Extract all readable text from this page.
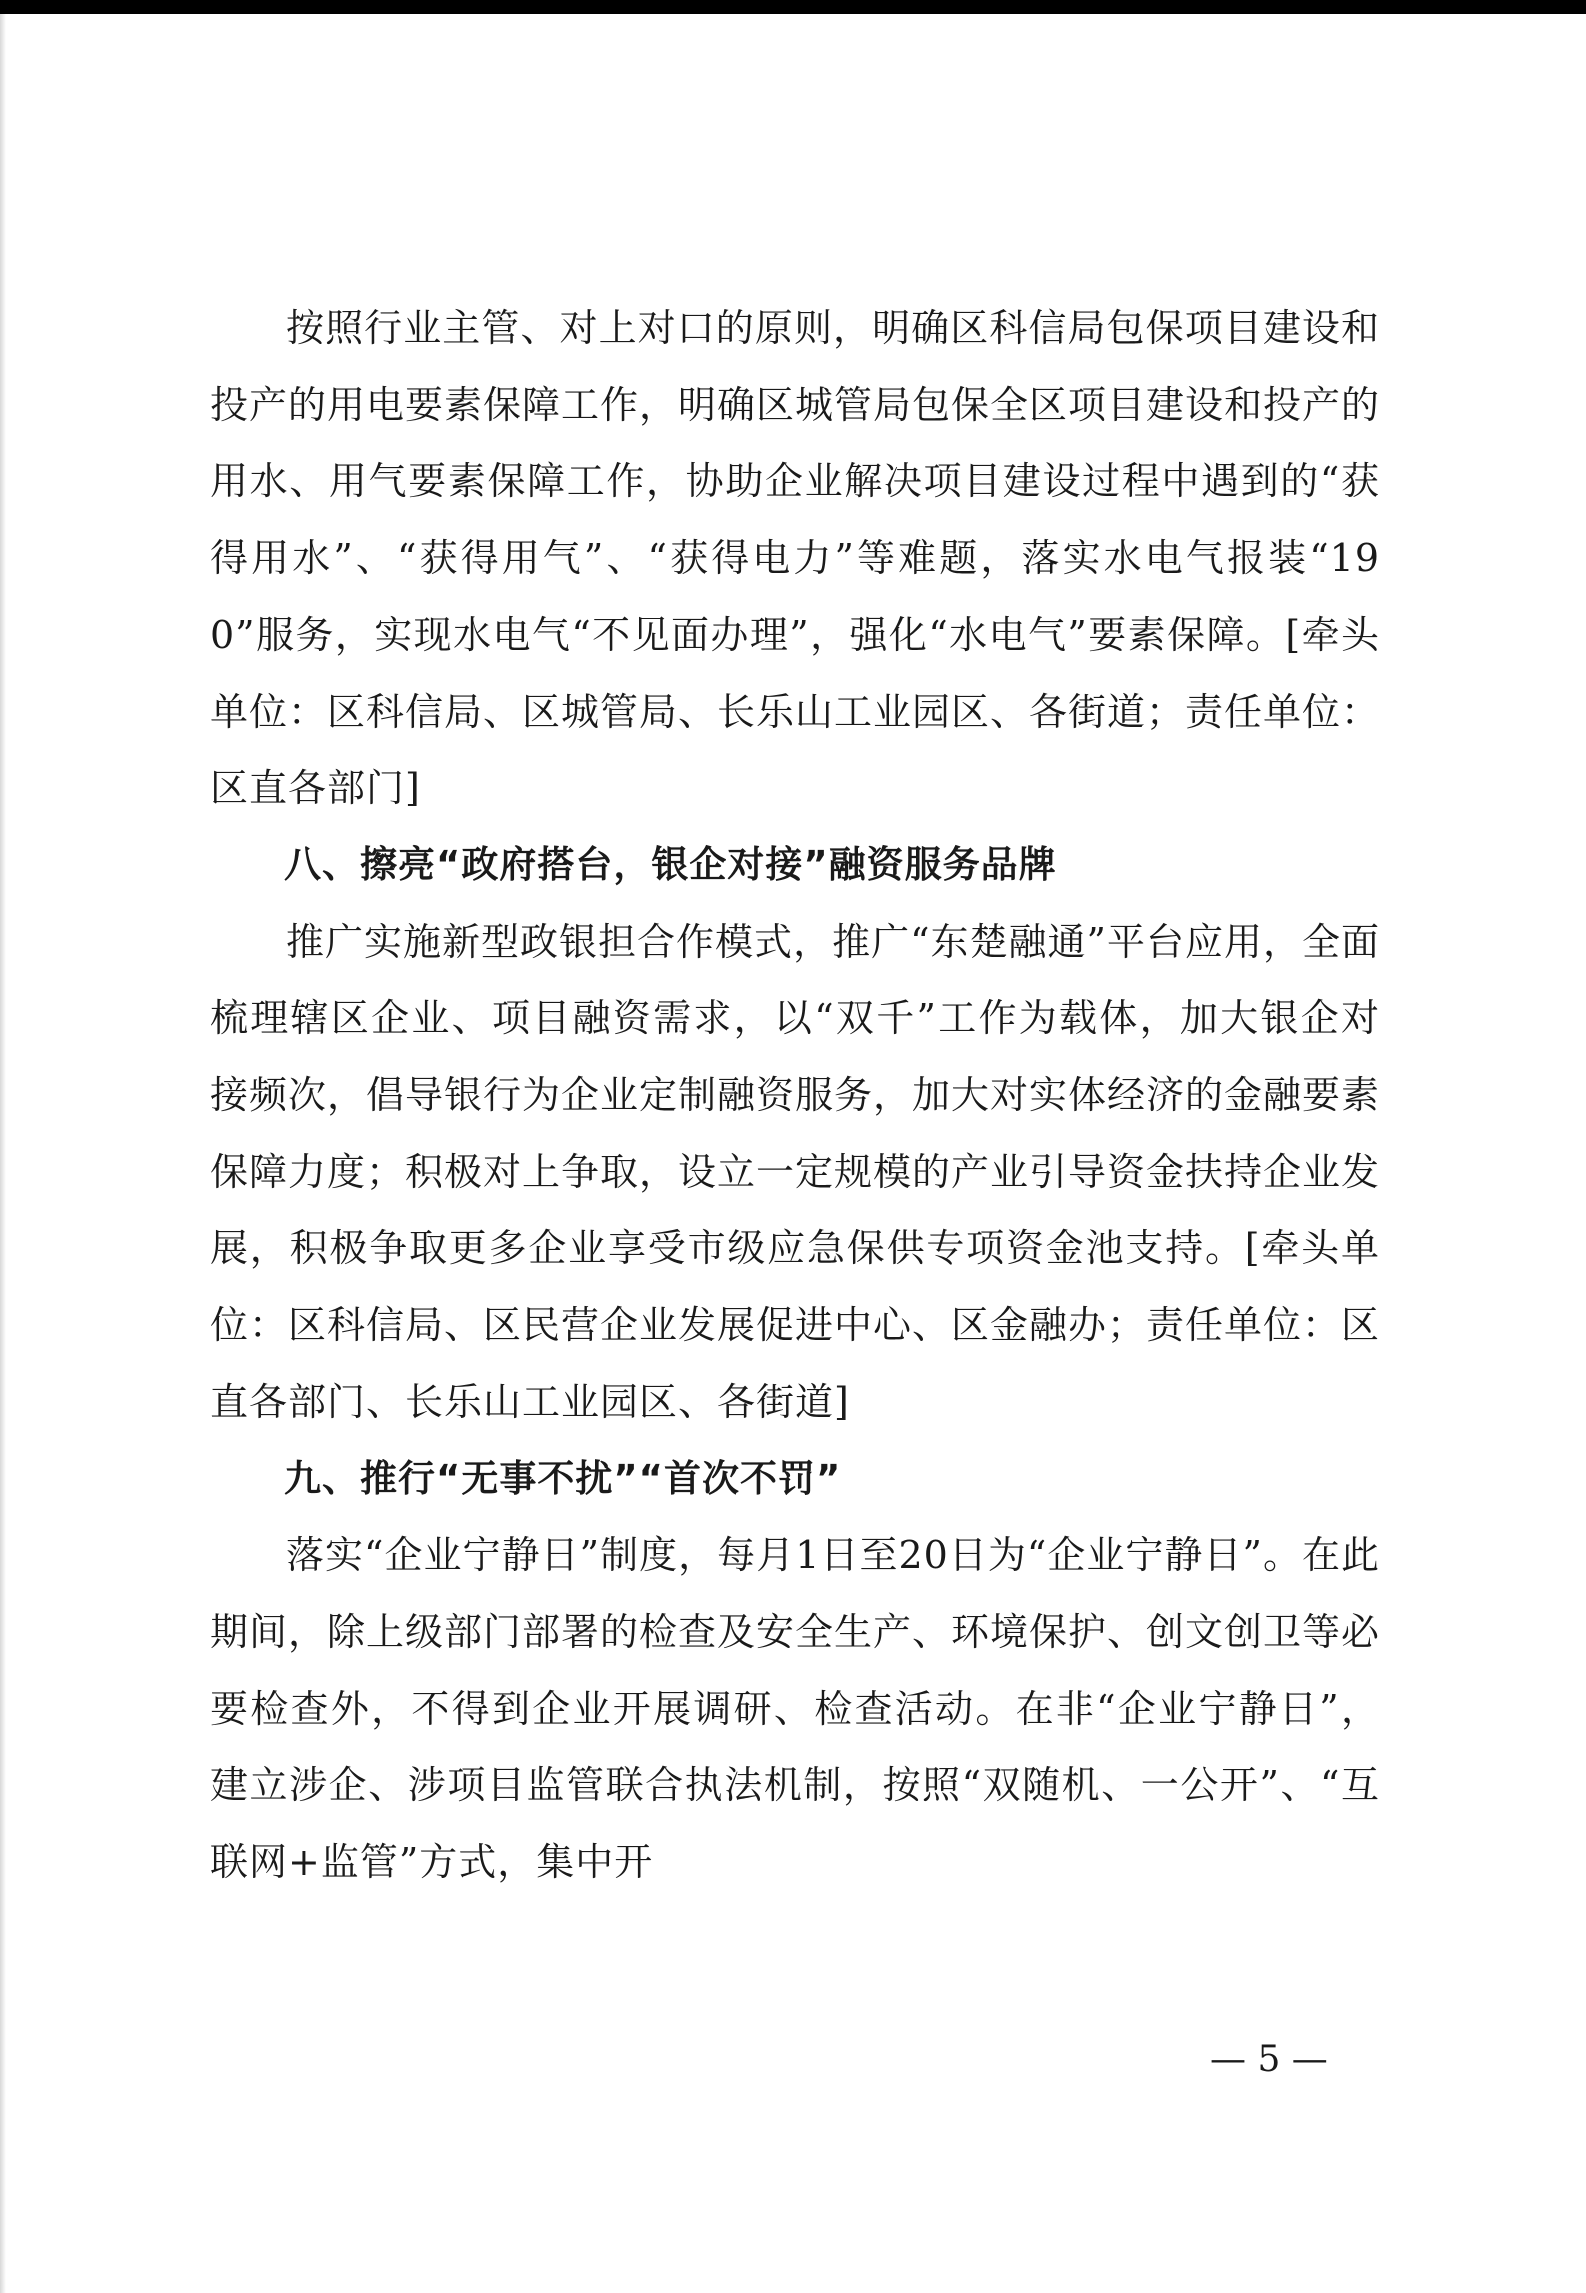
按照行业主管、对上对口的原则，明确区科信局包保项目建设和投产的用电要素保障工作，明确区城管局包保全区项目建设和投产的用水、用气要素保障工作，协助企业解决项目建设过程中遇到的“获得用水”、“获得用气”、“获得电力”等难题，落实水电气报装“190”服务，实现水电气“不见面办理”，强化“水电气”要素保障。[牵头单位：区科信局、区城管局、长乐山工业园区、各街道；责任单位：区直各部门]

八、擦亮“政府搭台，银企对接”融资服务品牌

推广实施新型政银担合作模式，推广“东楚融通”平台应用，全面梳理辖区企业、项目融资需求，以“双千”工作为载体，加大银企对接频次，倡导银行为企业定制融资服务，加大对实体经济的金融要素保障力度；积极对上争取，设立一定规模的产业引导资金扶持企业发展，积极争取更多企业享受市级应急保供专项资金池支持。[牵头单位：区科信局、区民营企业发展促进中心、区金融办；责任单位：区直各部门、长乐山工业园区、各街道]

九、推行“无事不扰”“首次不罚”

落实“企业宁静日”制度，每月1日至20日为“企业宁静日”。在此期间，除上级部门部署的检查及安全生产、环境保护、创文创卫等必要检查外，不得到企业开展调研、检查活动。在非“企业宁静日”，建立涉企、涉项目监管联合执法机制，按照“双随机、一公开”、“互联网+监管”方式，集中开

— 5 —
